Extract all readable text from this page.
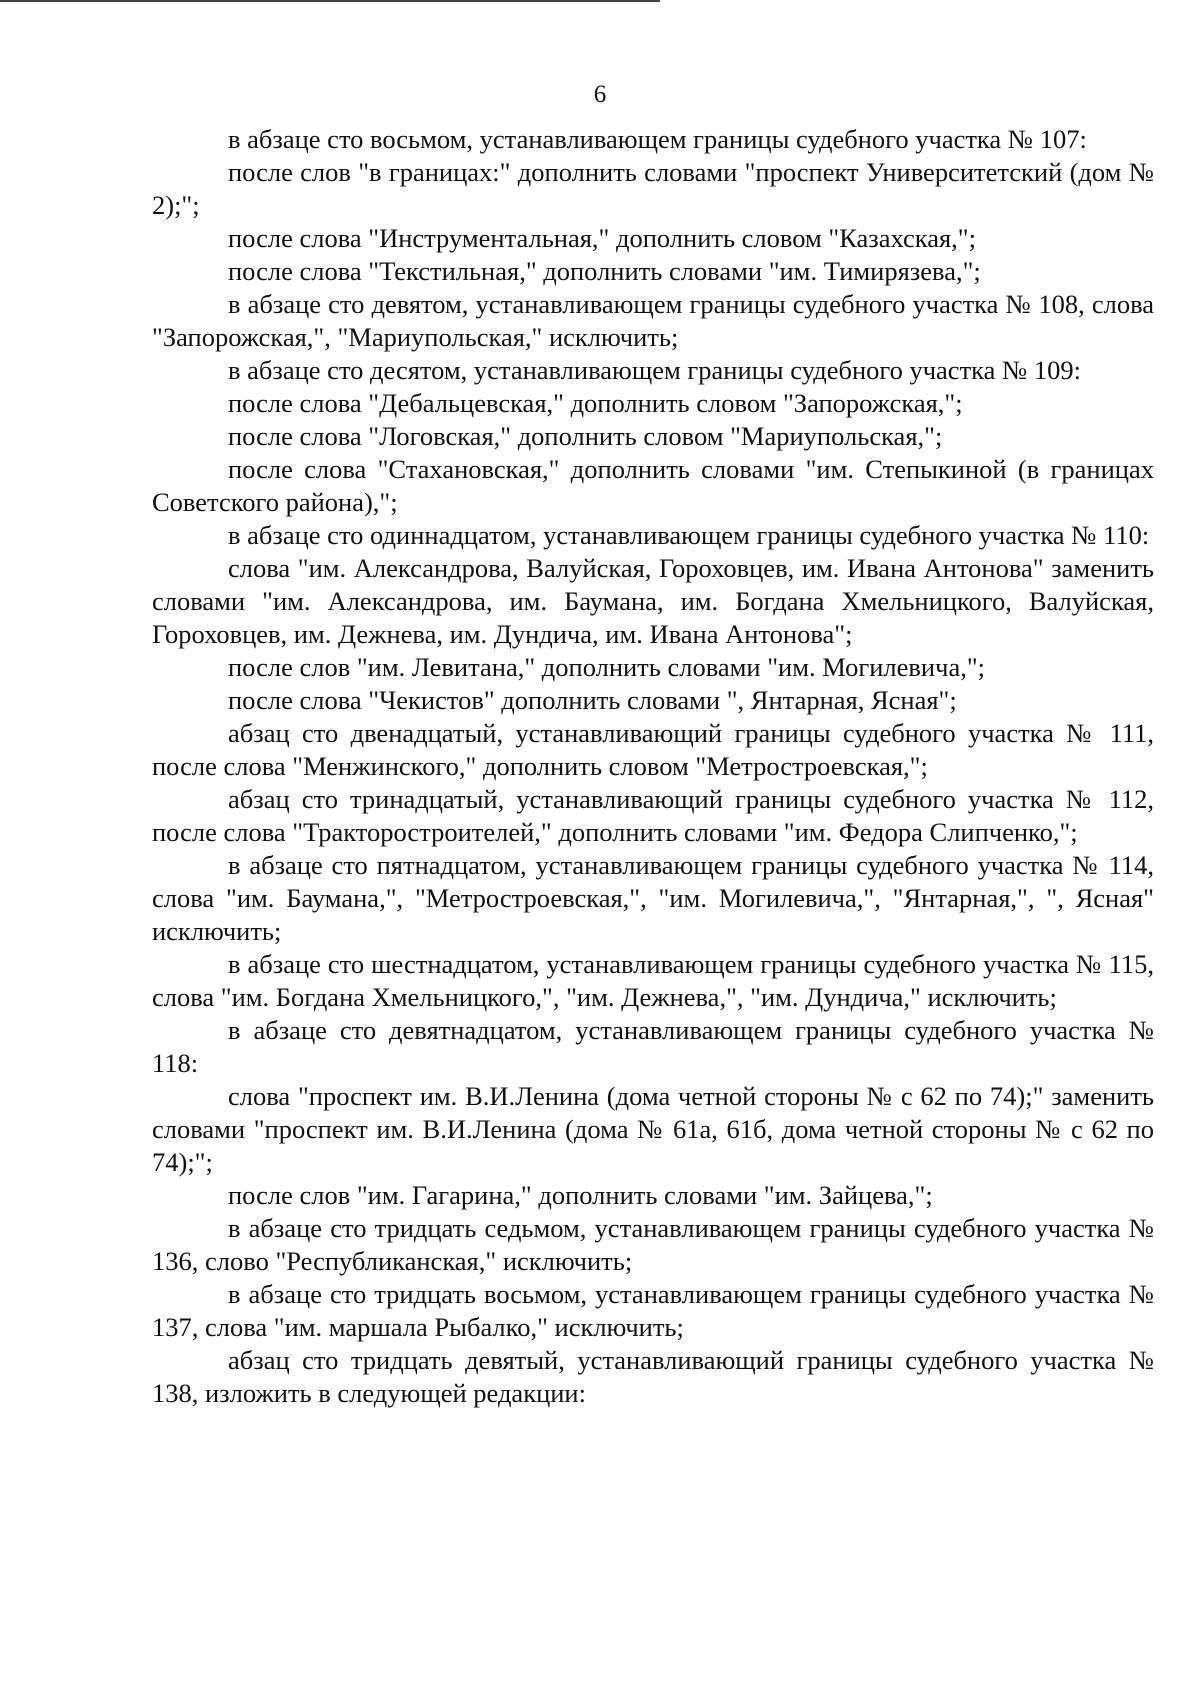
6

в абзаце сто восьмом, устанавливающем границы судебного участка № 107:

после слов "в границах:" дополнить словами "проспект Университетский (дом № 2);";

после слова "Инструментальная," дополнить словом "Казахская,";

после слова "Текстильная," дополнить словами "им. Тимирязева,";

в абзаце сто девятом, устанавливающем границы судебного участка № 108, слова "Запорожская,", "Мариупольская," исключить;

в абзаце сто десятом, устанавливающем границы судебного участка № 109:

после слова "Дебальцевская," дополнить словом "Запорожская,";

после слова "Логовская," дополнить словом "Мариупольская,";

после слова "Стахановская," дополнить словами "им. Степыкиной (в границах Советского района),";

в абзаце сто одиннадцатом, устанавливающем границы судебного участка № 110:

слова "им. Александрова, Валуйская, Гороховцев, им. Ивана Антонова" заменить словами "им. Александрова, им. Баумана, им. Богдана Хмельницкого, Валуйская, Гороховцев, им. Дежнева, им. Дундича, им. Ивана Антонова";

после слов "им. Левитана," дополнить словами "им. Могилевича,";

после слова "Чекистов" дополнить словами ", Янтарная, Ясная";

абзац сто двенадцатый, устанавливающий границы судебного участка № 111, после слова "Менжинского," дополнить словом "Метростроевская,";

абзац сто тринадцатый, устанавливающий границы судебного участка № 112, после слова "Тракторостроителей," дополнить словами "им. Федора Слипченко,";

в абзаце сто пятнадцатом, устанавливающем границы судебного участка № 114, слова "им. Баумана,", "Метростроевская,", "им. Могилевича,", "Янтарная,", ", Ясная" исключить;

в абзаце сто шестнадцатом, устанавливающем границы судебного участка № 115, слова "им. Богдана Хмельницкого,", "им. Дежнева,", "им. Дундича," исключить;

в абзаце сто девятнадцатом, устанавливающем границы судебного участка № 118:

слова "проспект им. В.И.Ленина (дома четной стороны № с 62 по 74);" заменить словами "проспект им. В.И.Ленина (дома № 61а, 61б, дома четной стороны № с 62 по 74);";

после слов "им. Гагарина," дополнить словами "им. Зайцева,";

в абзаце сто тридцать седьмом, устанавливающем границы судебного участка № 136, слово "Республиканская," исключить;

в абзаце сто тридцать восьмом, устанавливающем границы судебного участка № 137, слова "им. маршала Рыбалко," исключить;

абзац сто тридцать девятый, устанавливающий границы судебного участка № 138, изложить в следующей редакции:
